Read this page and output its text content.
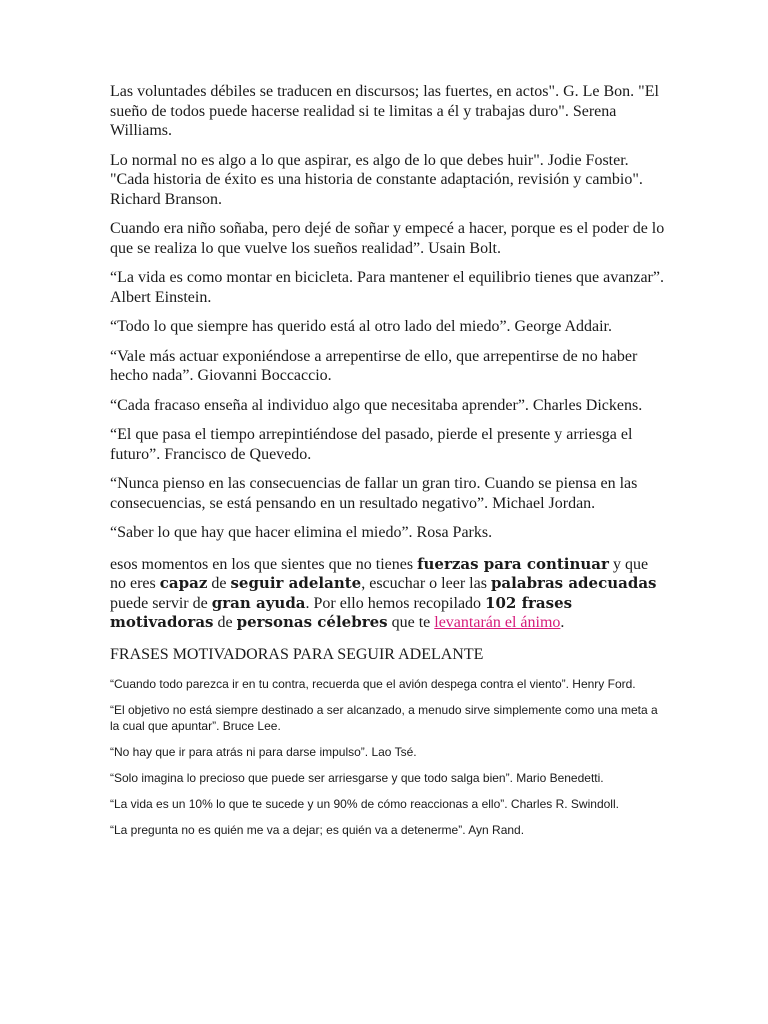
Las voluntades débiles se traducen en discursos; las fuertes, en actos". G. Le Bon. "El sueño de todos puede hacerse realidad si te limitas a él y trabajas duro". Serena Williams.

Lo normal no es algo a lo que aspirar, es algo de lo que debes huir". Jodie Foster. "Cada historia de éxito es una historia de constante adaptación, revisión y cambio". Richard Branson.

Cuando era niño soñaba, pero dejé de soñar y empecé a hacer, porque es el poder de lo que se realiza lo que vuelve los sueños realidad”. Usain Bolt.

“La vida es como montar en bicicleta. Para mantener el equilibrio tienes que avanzar”. Albert Einstein.

“Todo lo que siempre has querido está al otro lado del miedo”. George Addair.

“Vale más actuar exponiéndose a arrepentirse de ello, que arrepentirse de no haber hecho nada”. Giovanni Boccaccio.

“Cada fracaso enseña al individuo algo que necesitaba aprender”. Charles Dickens.

“El que pasa el tiempo arrepintiéndose del pasado, pierde el presente y arriesga el futuro”. Francisco de Quevedo.

“Nunca pienso en las consecuencias de fallar un gran tiro. Cuando se piensa en las consecuencias, se está pensando en un resultado negativo”. Michael Jordan.

“Saber lo que hay que hacer elimina el miedo”. Rosa Parks.

esos momentos en los que sientes que no tienes fuerzas para continuar y que no eres capaz de seguir adelante, escuchar o leer las palabras adecuadas puede servir de gran ayuda. Por ello hemos recopilado 102 frases motivadoras de personas célebres que te levantarán el ánimo.

FRASES MOTIVADORAS PARA SEGUIR ADELANTE

“Cuando todo parezca ir en tu contra, recuerda que el avión despega contra el viento”. Henry Ford.

“El objetivo no está siempre destinado a ser alcanzado, a menudo sirve simplemente como una meta a la cual que apuntar”. Bruce Lee.

“No hay que ir para atrás ni para darse impulso”. Lao Tsé.

“Solo imagina lo precioso que puede ser arriesgarse y que todo salga bien”. Mario Benedetti.

“La vida es un 10% lo que te sucede y un 90% de cómo reaccionas a ello”. Charles R. Swindoll.

“La pregunta no es quién me va a dejar; es quién va a detenerme”. Ayn Rand.
